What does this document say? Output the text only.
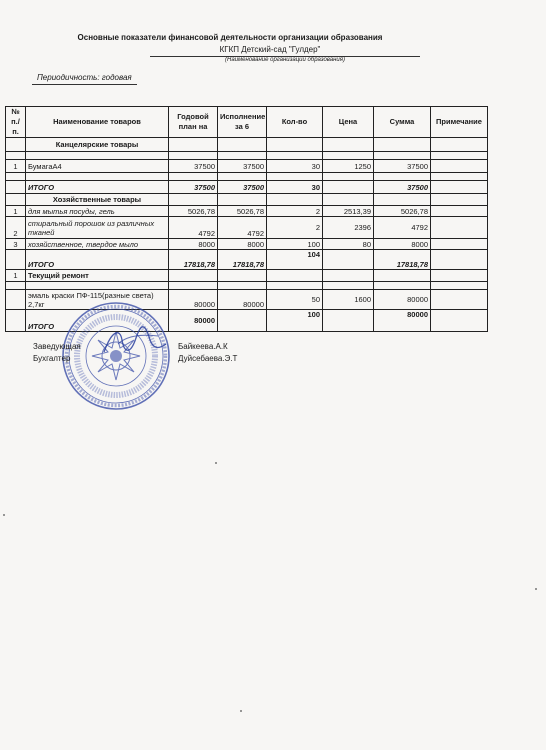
Основные показатели финансовой деятельности организации образования
КГКП Детский-сад "Гулдер"
(Наименование организации образования)
Периодичность: годовая
№ п./п.	Наименование товаров	Годовой план на	Исполнение за 6	Кол-во	Цена	Сумма	Примечание
	Канцелярские товары						

1	БумагаА4	37500	37500	30	1250	37500	

	ИТОГО	37500	37500	30		37500	
	Хозяйственные товары						
1	для мытья посуды, гель	5026,78	5026,78	2	2513,39	5026,78	
2	стиральный порошок из различных тканей	4792	4792	2	2396	4792	
3	хозяйственное, твердое мыло	8000	8000	100	80	8000	
	ИТОГО	17818,78	17818,78	104		17818,78	
1	Текущий ремонт						

	эмаль краски ПФ-115(разные света) 2,7кг	80000	80000	50	1600	80000	
	ИТОГО	80000		100		80000	
Заведующая	Байкеева.А.К
Бухгалтер	Дуйсебаева.Э.Т
